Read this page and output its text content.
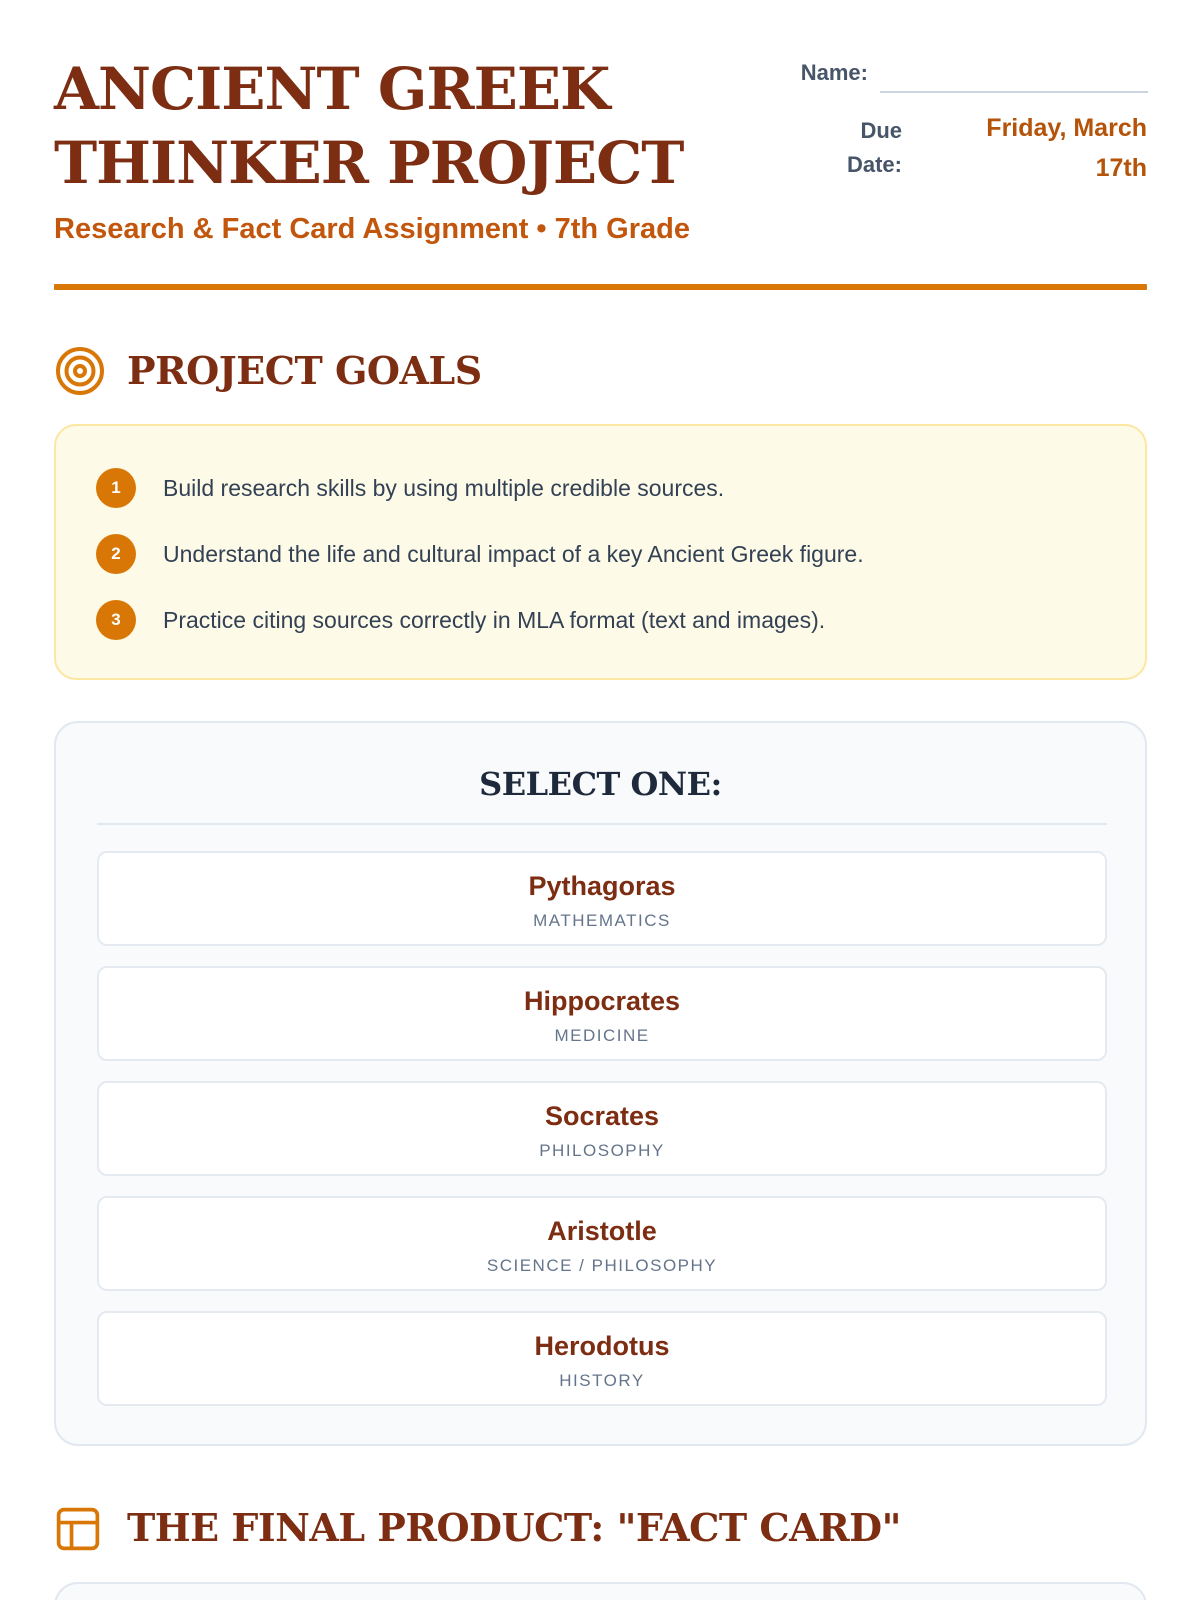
ANCIENT GREEK
THINKER PROJECT
Research & Fact Card Assignment • 7th Grade
Name:
Due
Date:
Friday, March
17th
PROJECT GOALS
1	Build research skills by using multiple credible sources.
2	Understand the life and cultural impact of a key Ancient Greek figure.
3	Practice citing sources correctly in MLA format (text and images).
SELECT ONE:
Pythagoras
MATHEMATICS
Hippocrates
MEDICINE
Socrates
PHILOSOPHY
Aristotle
SCIENCE / PHILOSOPHY
Herodotus
HISTORY
THE FINAL PRODUCT: "FACT CARD"
